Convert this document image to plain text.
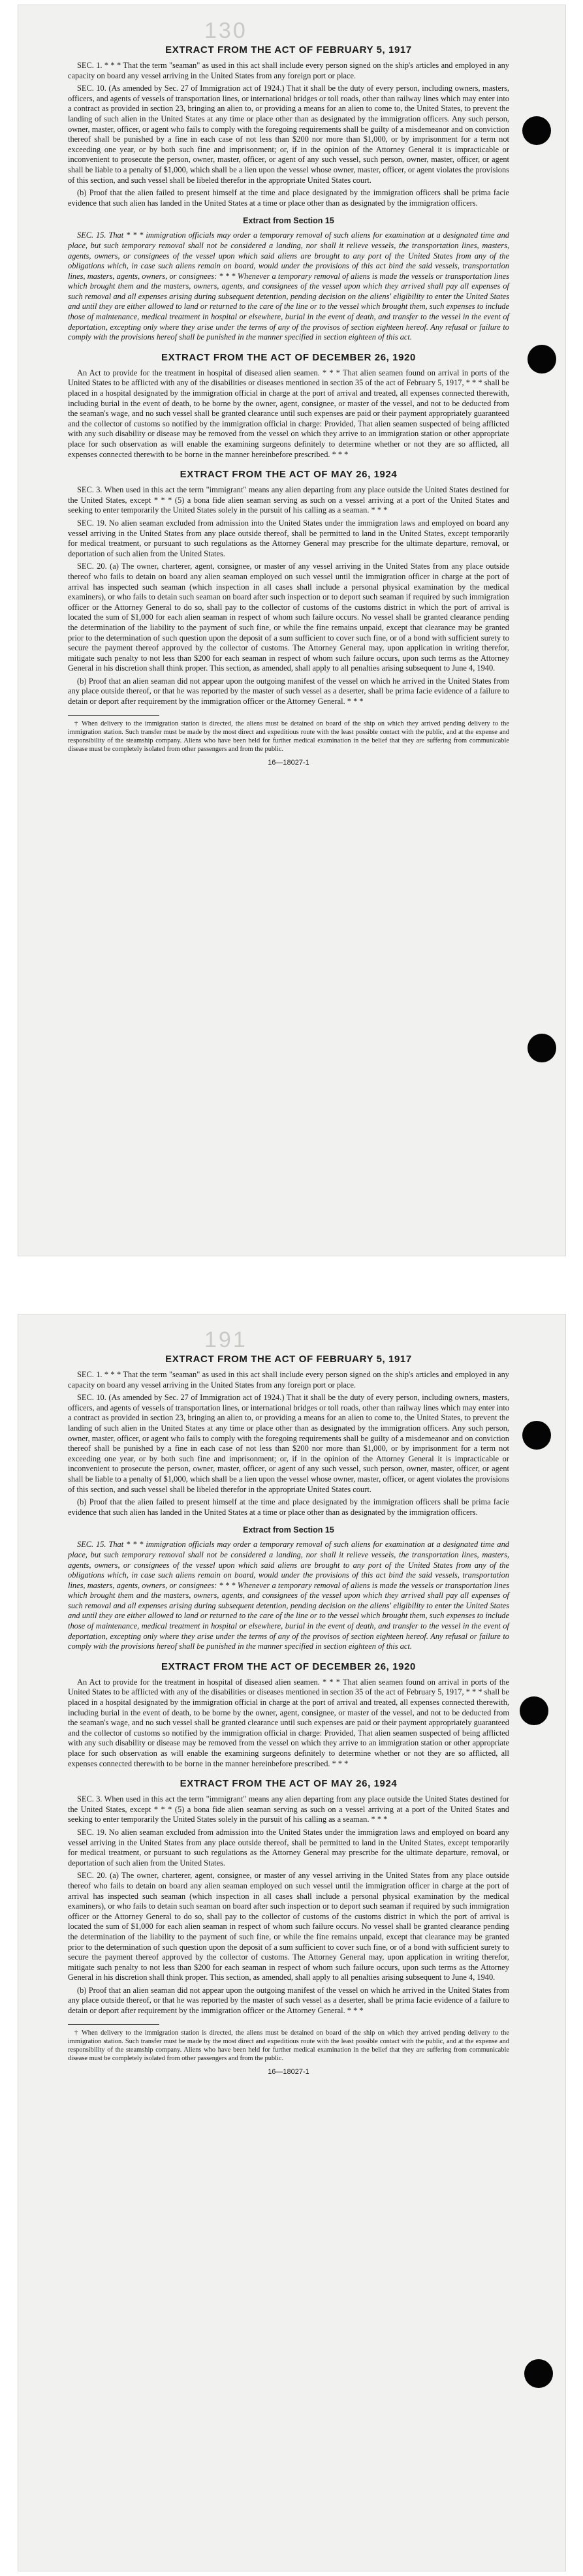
130
EXTRACT FROM THE ACT OF FEBRUARY 5, 1917

SEC. 1. * * * That the term "seaman" as used in this act shall include every person signed on the ship's articles and employed in any capacity on board any vessel arriving in the United States from any foreign port or place.

SEC. 10. (As amended by Sec. 27 of Immigration act of 1924.) That it shall be the duty of every person, including owners, masters, officers, and agents of vessels of transportation lines, or international bridges or toll roads, other than railway lines which may enter into a contract as provided in section 23, bringing an alien to, or providing a means for an alien to come to, the United States, to prevent the landing of such alien in the United States at any time or place other than as designated by the immigration officers. Any such person, owner, master, officer, or agent who fails to comply with the foregoing requirements shall be guilty of a misdemeanor and on conviction thereof shall be punished by a fine in each case of not less than $200 nor more than $1,000, or by imprisonment for a term not exceeding one year, or by both such fine and imprisonment; or, if in the opinion of the Attorney General it is impracticable or inconvenient to prosecute the person, owner, master, officer, or agent of any such vessel, such person, owner, master, officer, or agent shall be liable to a penalty of $1,000, which shall be a lien upon the vessel whose owner, master, officer, or agent violates the provisions of this section, and such vessel shall be libeled therefor in the appropriate United States court.

(b) Proof that the alien failed to present himself at the time and place designated by the immigration officers shall be prima facie evidence that such alien has landed in the United States at a time or place other than as designated by the immigration officers.

Extract from Section 15

SEC. 15. That * * * immigration officials may order a temporary removal of such aliens for examination at a designated time and place, but such temporary removal shall not be considered a landing, nor shall it relieve vessels, the transportation lines, masters, agents, owners, or consignees of the vessel upon which said aliens are brought to any port of the United States from any of the obligations which, in case such aliens remain on board, would under the provisions of this act bind the said vessels, transportation lines, masters, agents, owners, or consignees: * * * Whenever a temporary removal of aliens is made the vessels or transportation lines which brought them and the masters, owners, agents, and consignees of the vessel upon which they arrived shall pay all expenses of such removal and all expenses arising during subsequent detention, pending decision on the aliens' eligibility to enter the United States and until they are either allowed to land or returned to the care of the line or to the vessel which brought them, such expenses to include those of maintenance, medical treatment in hospital or elsewhere, burial in the event of death, and transfer to the vessel in the event of deportation, excepting only where they arise under the terms of any of the provisos of section eighteen hereof. Any refusal or failure to comply with the provisions hereof shall be punished in the manner specified in section eighteen of this act.

EXTRACT FROM THE ACT OF DECEMBER 26, 1920

An Act to provide for the treatment in hospital of diseased alien seamen. * * * That alien seamen found on arrival in ports of the United States to be afflicted with any of the disabilities or diseases mentioned in section 35 of the act of February 5, 1917, * * * shall be placed in a hospital designated by the immigration official in charge at the port of arrival and treated, all expenses connected therewith, including burial in the event of death, to be borne by the owner, agent, consignee, or master of the vessel, and not to be deducted from the seaman's wage, and no such vessel shall be granted clearance until such expenses are paid or their payment appropriately guaranteed and the collector of customs so notified by the immigration official in charge: Provided, That alien seamen suspected of being afflicted with any such disability or disease may be removed from the vessel on which they arrive to an immigration station or other appropriate place for such observation as will enable the examining surgeons definitely to determine whether or not they are so afflicted, all expenses connected therewith to be borne in the manner hereinbefore prescribed. * * *

EXTRACT FROM THE ACT OF MAY 26, 1924

SEC. 3. When used in this act the term "immigrant" means any alien departing from any place outside the United States destined for the United States, except * * * (5) a bona fide alien seaman serving as such on a vessel arriving at a port of the United States and seeking to enter temporarily the United States solely in the pursuit of his calling as a seaman. * * *

SEC. 19. No alien seaman excluded from admission into the United States under the immigration laws and employed on board any vessel arriving in the United States from any place outside thereof, shall be permitted to land in the United States, except temporarily for medical treatment, or pursuant to such regulations as the Attorney General may prescribe for the ultimate departure, removal, or deportation of such alien from the United States.

SEC. 20. (a) The owner, charterer, agent, consignee, or master of any vessel arriving in the United States from any place outside thereof who fails to detain on board any alien seaman employed on such vessel until the immigration officer in charge at the port of arrival has inspected such seaman (which inspection in all cases shall include a personal physical examination by the medical examiners), or who fails to detain such seaman on board after such inspection or to deport such seaman if required by such immigration officer or the Attorney General to do so, shall pay to the collector of customs of the customs district in which the port of arrival is located the sum of $1,000 for each alien seaman in respect of whom such failure occurs. No vessel shall be granted clearance pending the determination of the liability to the payment of such fine, or while the fine remains unpaid, except that clearance may be granted prior to the determination of such question upon the deposit of a sum sufficient to cover such fine, or of a bond with sufficient surety to secure the payment thereof approved by the collector of customs. The Attorney General may, upon application in writing therefor, mitigate such penalty to not less than $200 for each seaman in respect of whom such failure occurs, upon such terms as the Attorney General in his discretion shall think proper. This section, as amended, shall apply to all penalties arising subsequent to June 4, 1940.

(b) Proof that an alien seaman did not appear upon the outgoing manifest of the vessel on which he arrived in the United States from any place outside thereof, or that he was reported by the master of such vessel as a deserter, shall be prima facie evidence of a failure to detain or deport after requirement by the immigration officer or the Attorney General. * * *

† When delivery to the immigration station is directed, the aliens must be detained on board of the ship on which they arrived pending delivery to the immigration station. Such transfer must be made by the most direct and expeditious route with the least possible contact with the public, and at the expense and responsibility of the steamship company. Aliens who have been held for further medical examination in the belief that they are suffering from communicable disease must be completely isolated from other passengers and from the public.

16—18027-1
191
EXTRACT FROM THE ACT OF FEBRUARY 5, 1917

SEC. 1. * * * That the term "seaman" as used in this act shall include every person signed on the ship's articles and employed in any capacity on board any vessel arriving in the United States from any foreign port or place.

SEC. 10. (As amended by Sec. 27 of Immigration act of 1924.) That it shall be the duty of every person, including owners, masters, officers, and agents of vessels of transportation lines, or international bridges or toll roads, other than railway lines which may enter into a contract as provided in section 23, bringing an alien to, or providing a means for an alien to come to, the United States, to prevent the landing of such alien in the United States at any time or place other than as designated by the immigration officers. Any such person, owner, master, officer, or agent who fails to comply with the foregoing requirements shall be guilty of a misdemeanor and on conviction thereof shall be punished by a fine in each case of not less than $200 nor more than $1,000, or by imprisonment for a term not exceeding one year, or by both such fine and imprisonment; or, if in the opinion of the Attorney General it is impracticable or inconvenient to prosecute the person, owner, master, officer, or agent of any such vessel, such person, owner, master, officer, or agent shall be liable to a penalty of $1,000, which shall be a lien upon the vessel whose owner, master, officer, or agent violates the provisions of this section, and such vessel shall be libeled therefor in the appropriate United States court.

(b) Proof that the alien failed to present himself at the time and place designated by the immigration officers shall be prima facie evidence that such alien has landed in the United States at a time or place other than as designated by the immigration officers.

Extract from Section 15

SEC. 15. That * * * immigration officials may order a temporary removal of such aliens for examination at a designated time and place, but such temporary removal shall not be considered a landing, nor shall it relieve vessels, the transportation lines, masters, agents, owners, or consignees of the vessel upon which said aliens are brought to any port of the United States from any of the obligations which, in case such aliens remain on board, would under the provisions of this act bind the said vessels, transportation lines, masters, agents, owners, or consignees: * * * Whenever a temporary removal of aliens is made the vessels or transportation lines which brought them and the masters, owners, agents, and consignees of the vessel upon which they arrived shall pay all expenses of such removal and all expenses arising during subsequent detention, pending decision on the aliens' eligibility to enter the United States and until they are either allowed to land or returned to the care of the line or to the vessel which brought them, such expenses to include those of maintenance, medical treatment in hospital or elsewhere, burial in the event of death, and transfer to the vessel in the event of deportation, excepting only where they arise under the terms of any of the provisos of section eighteen hereof. Any refusal or failure to comply with the provisions hereof shall be punished in the manner specified in section eighteen of this act.

EXTRACT FROM THE ACT OF DECEMBER 26, 1920

An Act to provide for the treatment in hospital of diseased alien seamen. * * * That alien seamen found on arrival in ports of the United States to be afflicted with any of the disabilities or diseases mentioned in section 35 of the act of February 5, 1917, * * * shall be placed in a hospital designated by the immigration official in charge at the port of arrival and treated, all expenses connected therewith, including burial in the event of death, to be borne by the owner, agent, consignee, or master of the vessel, and not to be deducted from the seaman's wage, and no such vessel shall be granted clearance until such expenses are paid or their payment appropriately guaranteed and the collector of customs so notified by the immigration official in charge: Provided, That alien seamen suspected of being afflicted with any such disability or disease may be removed from the vessel on which they arrive to an immigration station or other appropriate place for such observation as will enable the examining surgeons definitely to determine whether or not they are so afflicted, all expenses connected therewith to be borne in the manner hereinbefore prescribed. * * *

EXTRACT FROM THE ACT OF MAY 26, 1924

SEC. 3. When used in this act the term "immigrant" means any alien departing from any place outside the United States destined for the United States, except * * * (5) a bona fide alien seaman serving as such on a vessel arriving at a port of the United States and seeking to enter temporarily the United States solely in the pursuit of his calling as a seaman. * * *

SEC. 19. No alien seaman excluded from admission into the United States under the immigration laws and employed on board any vessel arriving in the United States from any place outside thereof, shall be permitted to land in the United States, except temporarily for medical treatment, or pursuant to such regulations as the Attorney General may prescribe for the ultimate departure, removal, or deportation of such alien from the United States.

SEC. 20. (a) The owner, charterer, agent, consignee, or master of any vessel arriving in the United States from any place outside thereof who fails to detain on board any alien seaman employed on such vessel until the immigration officer in charge at the port of arrival has inspected such seaman (which inspection in all cases shall include a personal physical examination by the medical examiners), or who fails to detain such seaman on board after such inspection or to deport such seaman if required by such immigration officer or the Attorney General to do so, shall pay to the collector of customs of the customs district in which the port of arrival is located the sum of $1,000 for each alien seaman in respect of whom such failure occurs. No vessel shall be granted clearance pending the determination of the liability to the payment of such fine, or while the fine remains unpaid, except that clearance may be granted prior to the determination of such question upon the deposit of a sum sufficient to cover such fine, or of a bond with sufficient surety to secure the payment thereof approved by the collector of customs. The Attorney General may, upon application in writing therefor, mitigate such penalty to not less than $200 for each seaman in respect of whom such failure occurs, upon such terms as the Attorney General in his discretion shall think proper. This section, as amended, shall apply to all penalties arising subsequent to June 4, 1940.

(b) Proof that an alien seaman did not appear upon the outgoing manifest of the vessel on which he arrived in the United States from any place outside thereof, or that he was reported by the master of such vessel as a deserter, shall be prima facie evidence of a failure to detain or deport after requirement by the immigration officer or the Attorney General. * * *

† When delivery to the immigration station is directed, the aliens must be detained on board of the ship on which they arrived pending delivery to the immigration station. Such transfer must be made by the most direct and expeditious route with the least possible contact with the public, and at the expense and responsibility of the steamship company. Aliens who have been held for further medical examination in the belief that they are suffering from communicable disease must be completely isolated from other passengers and from the public.

16—18027-1
